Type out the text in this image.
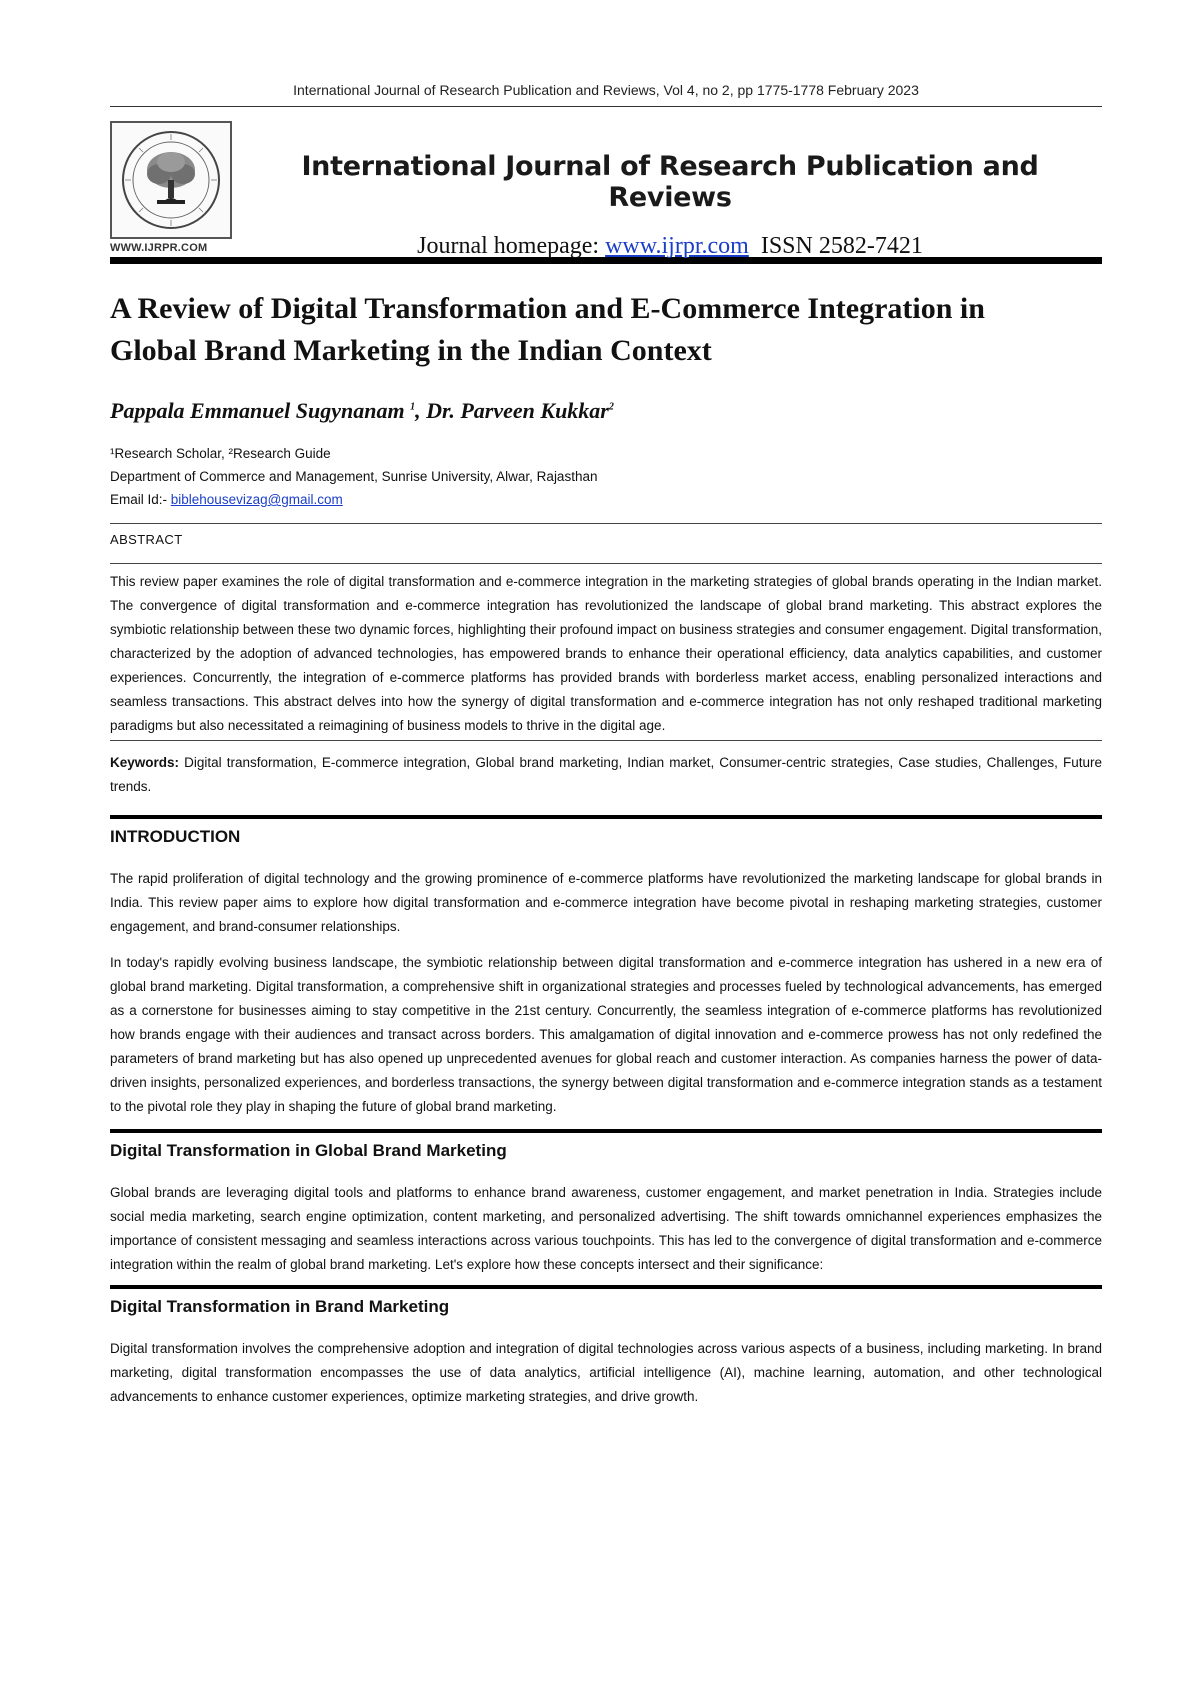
International Journal of Research Publication and Reviews, Vol 4, no 2, pp 1775-1778 February 2023
WWW.IJRPR.COM
International Journal of Research Publication and Reviews
Journal homepage: www.ijrpr.com ISSN 2582-7421
A Review of Digital Transformation and E-Commerce Integration in
Global Brand Marketing in the Indian Context
Pappala Emmanuel Sugynanam $^1$, Dr. Parveen Kukkar$^2$
¹Research Scholar, ²Research Guide
Department of Commerce and Management, Sunrise University, Alwar, Rajasthan
Email Id:- biblehousevizag@gmail.com
ABSTRACT

This review paper examines the role of digital transformation and e-commerce integration in the marketing strategies of global brands operating in the Indian market. The convergence of digital transformation and e-commerce integration has revolutionized the landscape of global brand marketing. This abstract explores the symbiotic relationship between these two dynamic forces, highlighting their profound impact on business strategies and consumer engagement. Digital transformation, characterized by the adoption of advanced technologies, has empowered brands to enhance their operational efficiency, data analytics capabilities, and customer experiences. Concurrently, the integration of e-commerce platforms has provided brands with borderless market access, enabling personalized interactions and seamless transactions. This abstract delves into how the synergy of digital transformation and e-commerce integration has not only reshaped traditional marketing paradigms but also necessitated a reimagining of business models to thrive in the digital age.

Keywords: Digital transformation, E-commerce integration, Global brand marketing, Indian market, Consumer-centric strategies, Case studies, Challenges, Future trends.

INTRODUCTION

The rapid proliferation of digital technology and the growing prominence of e-commerce platforms have revolutionized the marketing landscape for global brands in India. This review paper aims to explore how digital transformation and e-commerce integration have become pivotal in reshaping marketing strategies, customer engagement, and brand-consumer relationships.

In today's rapidly evolving business landscape, the symbiotic relationship between digital transformation and e-commerce integration has ushered in a new era of global brand marketing. Digital transformation, a comprehensive shift in organizational strategies and processes fueled by technological advancements, has emerged as a cornerstone for businesses aiming to stay competitive in the 21st century. Concurrently, the seamless integration of e-commerce platforms has revolutionized how brands engage with their audiences and transact across borders. This amalgamation of digital innovation and e-commerce prowess has not only redefined the parameters of brand marketing but has also opened up unprecedented avenues for global reach and customer interaction. As companies harness the power of data-driven insights, personalized experiences, and borderless transactions, the synergy between digital transformation and e-commerce integration stands as a testament to the pivotal role they play in shaping the future of global brand marketing.

Digital Transformation in Global Brand Marketing

Global brands are leveraging digital tools and platforms to enhance brand awareness, customer engagement, and market penetration in India. Strategies include social media marketing, search engine optimization, content marketing, and personalized advertising. The shift towards omnichannel experiences emphasizes the importance of consistent messaging and seamless interactions across various touchpoints. This has led to the convergence of digital transformation and e-commerce integration within the realm of global brand marketing. Let's explore how these concepts intersect and their significance:

Digital Transformation in Brand Marketing

Digital transformation involves the comprehensive adoption and integration of digital technologies across various aspects of a business, including marketing. In brand marketing, digital transformation encompasses the use of data analytics, artificial intelligence (AI), machine learning, automation, and other technological advancements to enhance customer experiences, optimize marketing strategies, and drive growth.
